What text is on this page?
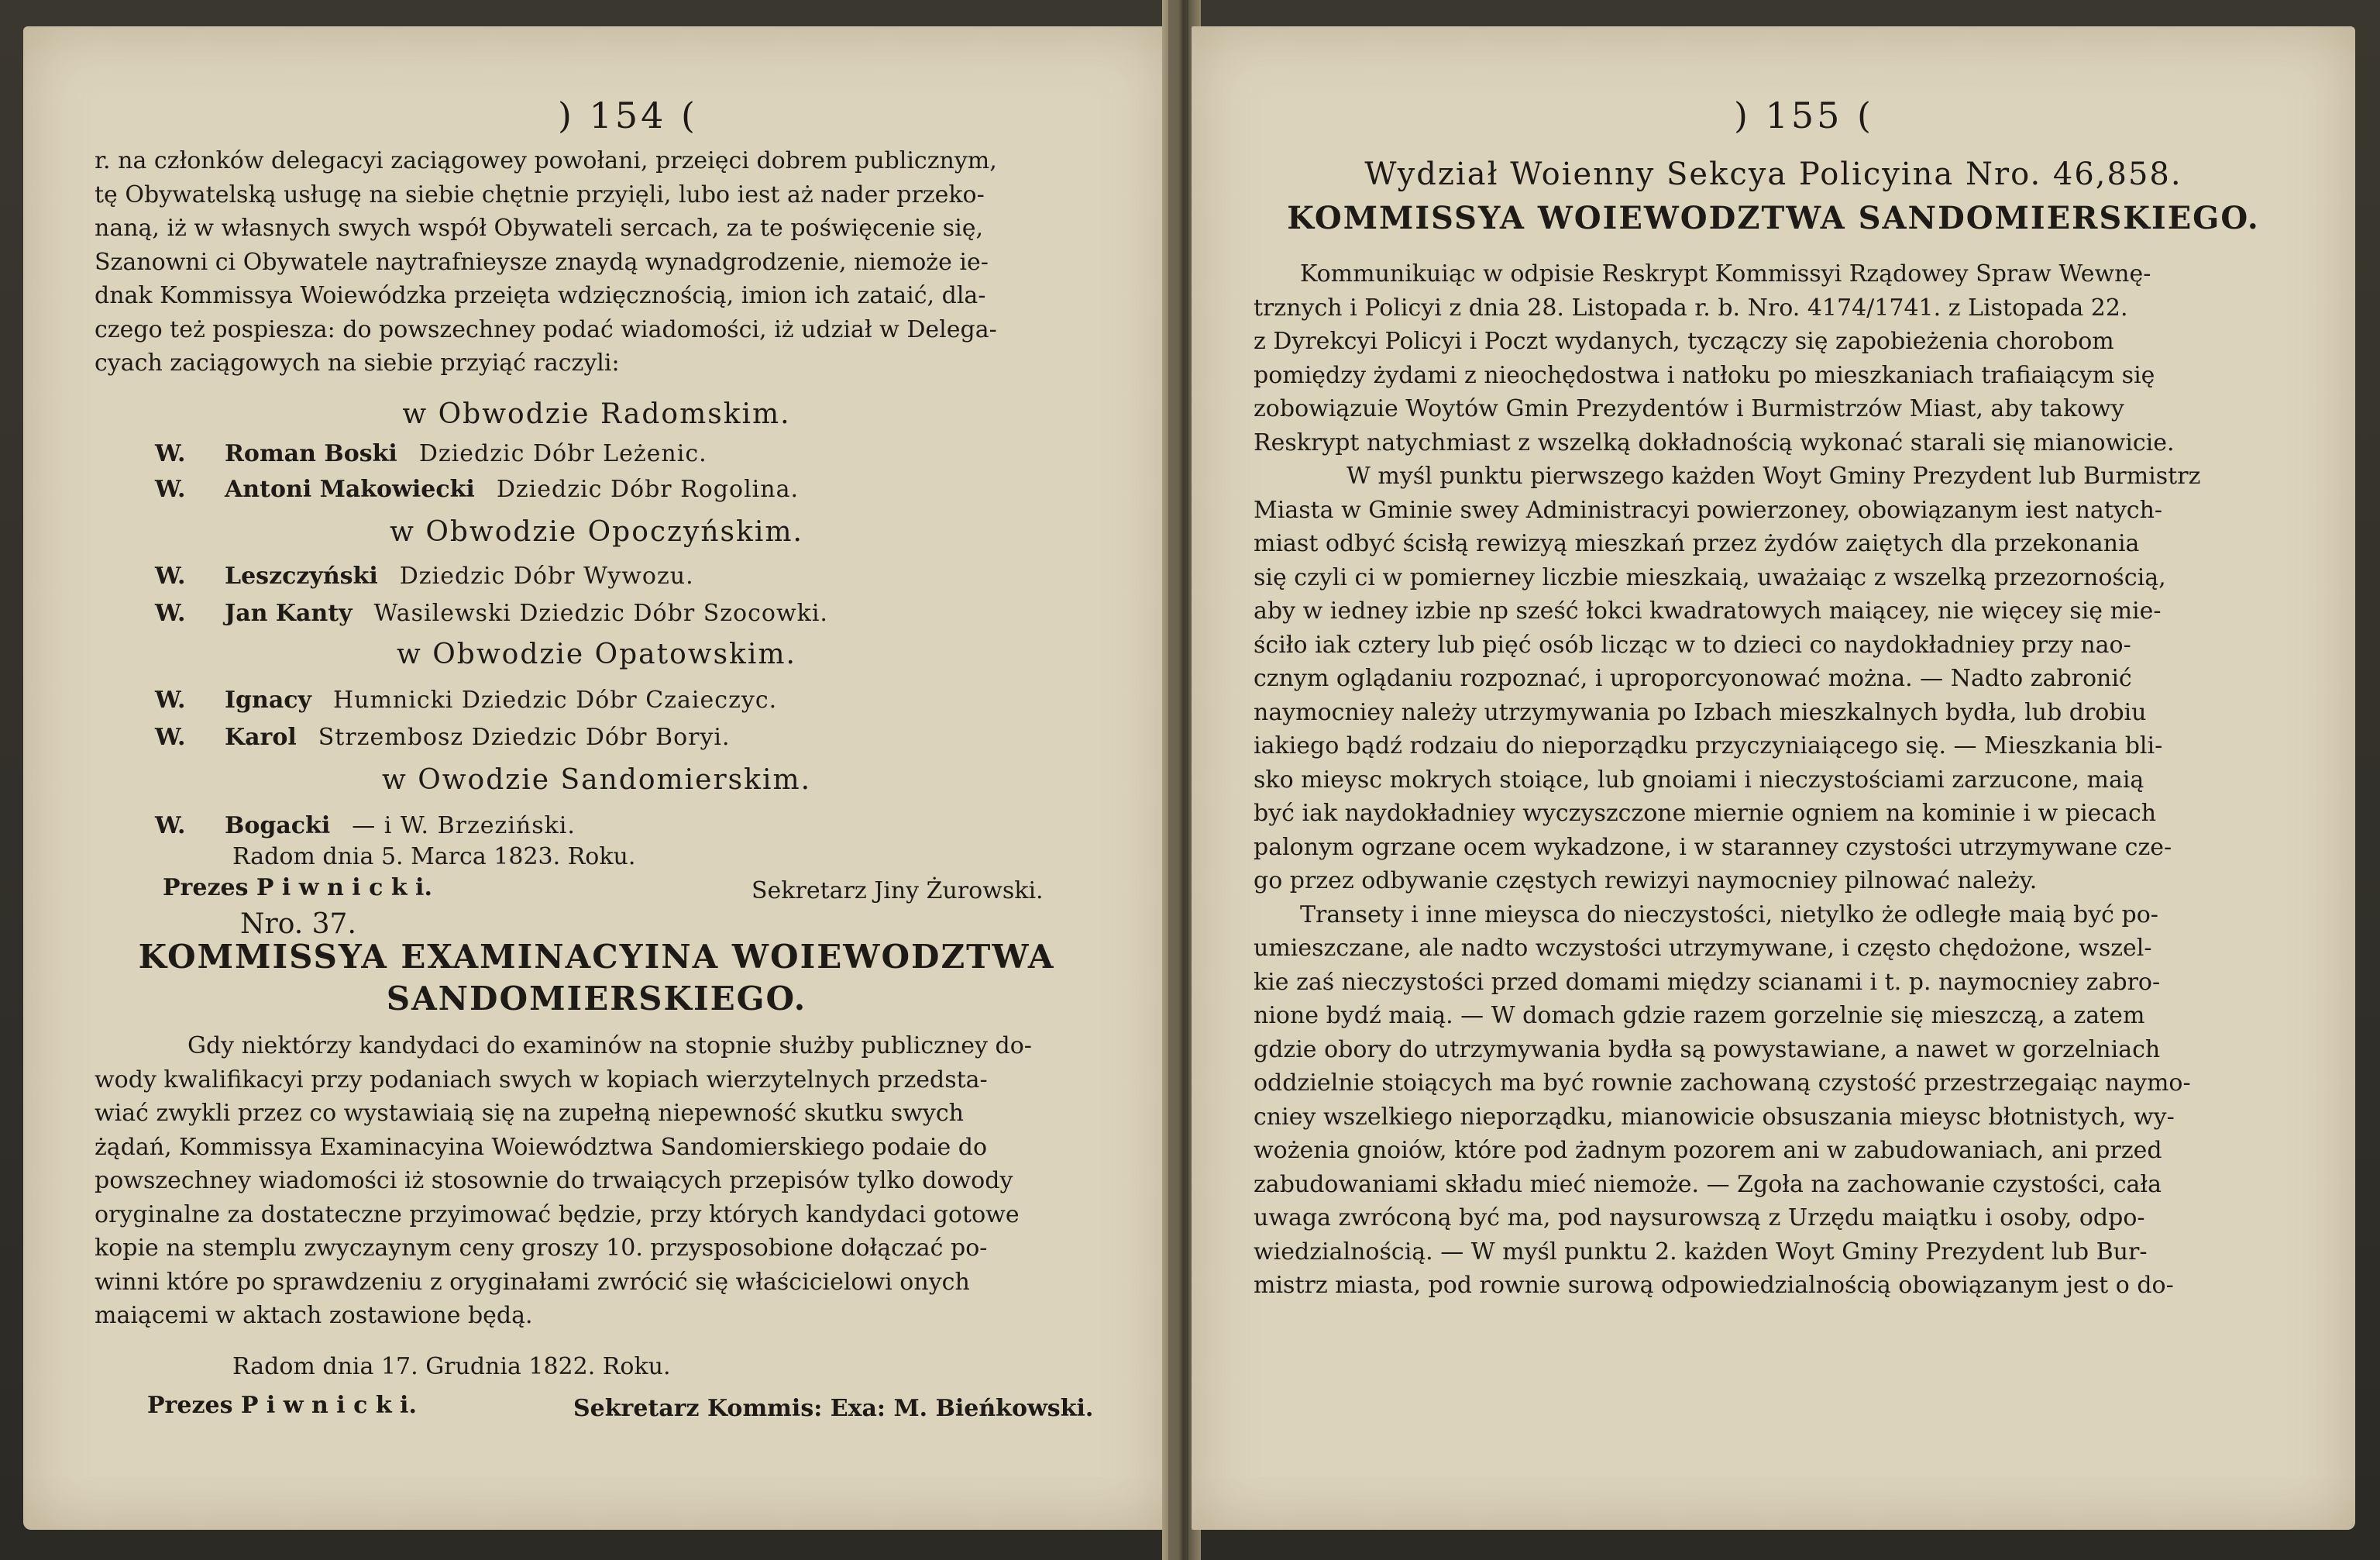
) 154 (
r. na członków delegacyi zaciągowey powołani, przeięci dobrem publicznym,
tę Obywatelską usługę na siebie chętnie przyięli, lubo iest aż nader przeko-
naną, iż w własnych swych współ Obywateli sercach, za te poświęcenie się,
Szanowni ci Obywatele naytrafnieysze znaydą wynadgrodzenie, niemoże ie-
dnak Kommissya Woiewódzka przeięta wdzięcznością, imion ich zataić, dla-
czego też pospiesza: do powszechney podać wiadomości, iż udział w Delega-
cyach zaciągowych na siebie przyiąć raczyli:
w Obwodzie Radomskim.
W. Roman Boski Dziedzic Dóbr Leżenic.
W. Antoni Makowiecki Dziedzic Dóbr Rogolina.
w Obwodzie Opoczyńskim.
W. Leszczyński Dziedzic Dóbr Wywozu.
W. Jan Kanty Wasilewski Dziedzic Dóbr Szocowki.
w Obwodzie Opatowskim.
W. Ignacy Humnicki Dziedzic Dóbr Czaieczyc.
W. Karol Strzembosz Dziedzic Dóbr Boryi.
w Owodzie Sandomierskim.
W. Bogacki — i W. Brzeziński.
Radom dnia 5. Marca 1823. Roku.
Prezes P i w n i c k i.	Sekretarz Jiny Żurowski.
Nro. 37.
KOMMISSYA EXAMINACYINA WOIEWODZTWA
SANDOMIERSKIEGO.
Gdy niektórzy kandydaci do examinów na stopnie służby publiczney do-
wody kwalifikacyi przy podaniach swych w kopiach wierzytelnych przedsta-
wiać zwykli przez co wystawiaią się na zupełną niepewność skutku swych
żądań, Kommissya Examinacyina Woiewództwa Sandomierskiego podaie do
powszechney wiadomości iż stosownie do trwaiących przepisów tylko dowody
oryginalne za dostateczne przyimować będzie, przy których kandydaci gotowe
kopie na stemplu zwyczaynym ceny groszy 10. przysposobione dołączać po-
winni które po sprawdzeniu z oryginałami zwrócić się właścicielowi onych
maiącemi w aktach zostawione będą.
Radom dnia 17. Grudnia 1822. Roku.
Prezes P i w n i c k i.	Sekretarz Kommis: Exa: M. Bieńkowski.
) 155 (
Wydział Woienny Sekcya Policyina Nro. 46,858.
KOMMISSYA WOIEWODZTWA SANDOMIERSKIEGO.
Kommunikuiąc w odpisie Reskrypt Kommissyi Rządowey Spraw Wewnę-
trznych i Policyi z dnia 28. Listopada r. b. Nro. 4174/1741. z Listopada 22.
z Dyrekcyi Policyi i Poczt wydanych, tyczączy się zapobieżenia chorobom
pomiędzy żydami z nieochędostwa i natłoku po mieszkaniach trafiaiącym się
zobowiązuie Woytów Gmin Prezydentów i Burmistrzów Miast, aby takowy
Reskrypt natychmiast z wszelką dokładnością wykonać starali się mianowicie.
W myśl punktu pierwszego każden Woyt Gminy Prezydent lub Burmistrz
Miasta w Gminie swey Administracyi powierzoney, obowiązanym iest natych-
miast odbyć ścisłą rewizyą mieszkań przez żydów zaiętych dla przekonania
się czyli ci w pomierney liczbie mieszkaią, uważaiąc z wszelką przezornością,
aby w iedney izbie np sześć łokci kwadratowych maiącey, nie więcey się mie-
ściło iak cztery lub pięć osób licząc w to dzieci co naydokładniey przy nao-
cznym oglądaniu rozpoznać, i uproporcyonować można. — Nadto zabronić
naymocniey należy utrzymywania po Izbach mieszkalnych bydła, lub drobiu
iakiego bądź rodzaiu do nieporządku przyczyniaiącego się. — Mieszkania bli-
sko mieysc mokrych stoiące, lub gnoiami i nieczystościami zarzucone, maią
być iak naydokładniey wyczyszczone miernie ogniem na kominie i w piecach
palonym ogrzane ocem wykadzone, i w staranney czystości utrzymywane cze-
go przez odbywanie częstych rewizyi naymocniey pilnować należy.
Transety i inne mieysca do nieczystości, nietylko że odległe maią być po-
umieszczane, ale nadto wczystości utrzymywane, i często chędożone, wszel-
kie zaś nieczystości przed domami między scianami i t. p. naymocniey zabro-
nione bydź maią. — W domach gdzie razem gorzelnie się mieszczą, a zatem
gdzie obory do utrzymywania bydła są powystawiane, a nawet w gorzelniach
oddzielnie stoiących ma być rownie zachowaną czystość przestrzegaiąc naymo-
cniey wszelkiego nieporządku, mianowicie obsuszania mieysc błotnistych, wy-
wożenia gnoiów, które pod żadnym pozorem ani w zabudowaniach, ani przed
zabudowaniami składu mieć niemoże. — Zgoła na zachowanie czystości, cała
uwaga zwróconą być ma, pod naysurowszą z Urzędu maiątku i osoby, odpo-
wiedzialnością. — W myśl punktu 2. każden Woyt Gminy Prezydent lub Bur-
mistrz miasta, pod rownie surową odpowiedzialnością obowiązanym jest o do-
